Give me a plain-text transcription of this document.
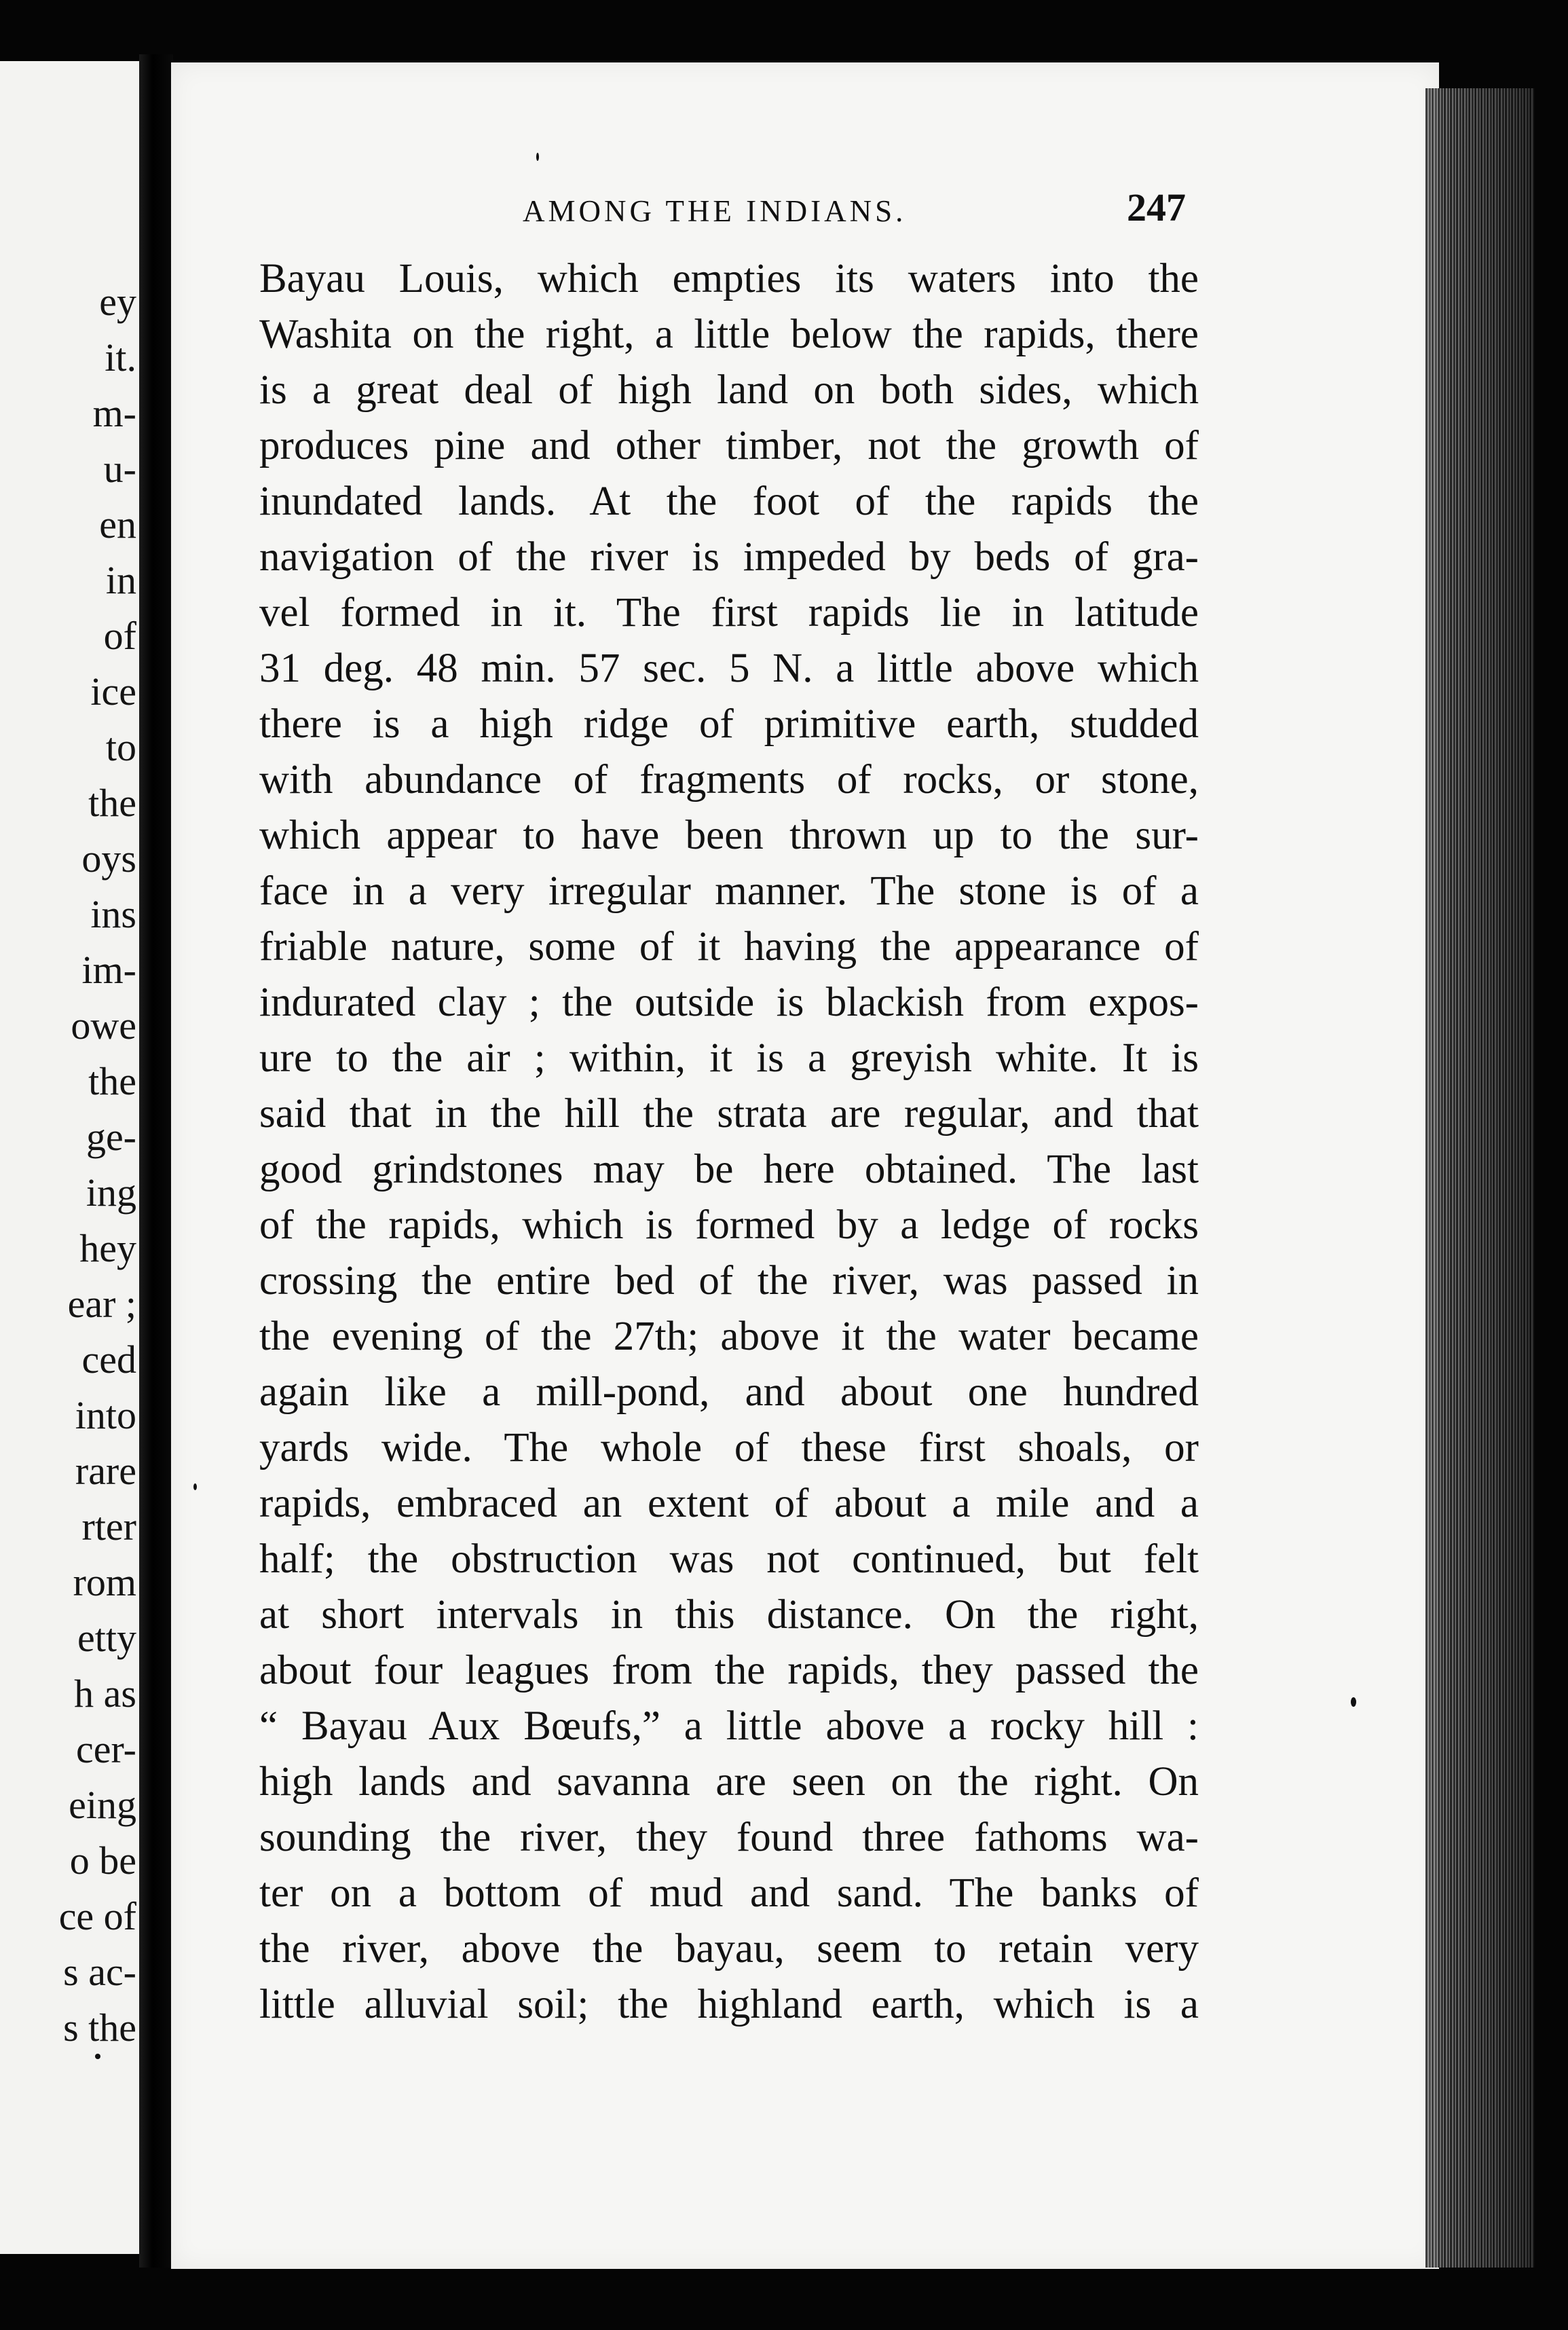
ey
it.
m-
u-
en
in
of
ice
to
the
oys
ins
im-
owe
the
ge-
ing
hey
ear ;
ced
into
rare
rter
rom
etty
h as
cer-
eing
o be
ce of
s ac-
s the
AMONG THE INDIANS.	247
Bayau Louis, which empties its waters into the
Washita on the right, a little below the rapids, there
is a great deal of high land on both sides, which
produces pine and other timber, not the growth of
inundated lands. At the foot of the rapids the
navigation of the river is impeded by beds of gra-
vel formed in it. The first rapids lie in latitude
31 deg. 48 min. 57 sec. 5 N. a little above which
there is a high ridge of primitive earth, studded
with abundance of fragments of rocks, or stone,
which appear to have been thrown up to the sur-
face in a very irregular manner. The stone is of a
friable nature, some of it having the appearance of
indurated clay ; the outside is blackish from expos-
ure to the air ; within, it is a greyish white. It is
said that in the hill the strata are regular, and that
good grindstones may be here obtained. The last
of the rapids, which is formed by a ledge of rocks
crossing the entire bed of the river, was passed in
the evening of the 27th; above it the water became
again like a mill-pond, and about one hundred
yards wide. The whole of these first shoals, or
rapids, embraced an extent of about a mile and a
half; the obstruction was not continued, but felt
at short intervals in this distance. On the right,
about four leagues from the rapids, they passed the
“ Bayau Aux Bœufs,” a little above a rocky hill :
high lands and savanna are seen on the right. On
sounding the river, they found three fathoms wa-
ter on a bottom of mud and sand. The banks of
the river, above the bayau, seem to retain very
little alluvial soil; the highland earth, which is a
